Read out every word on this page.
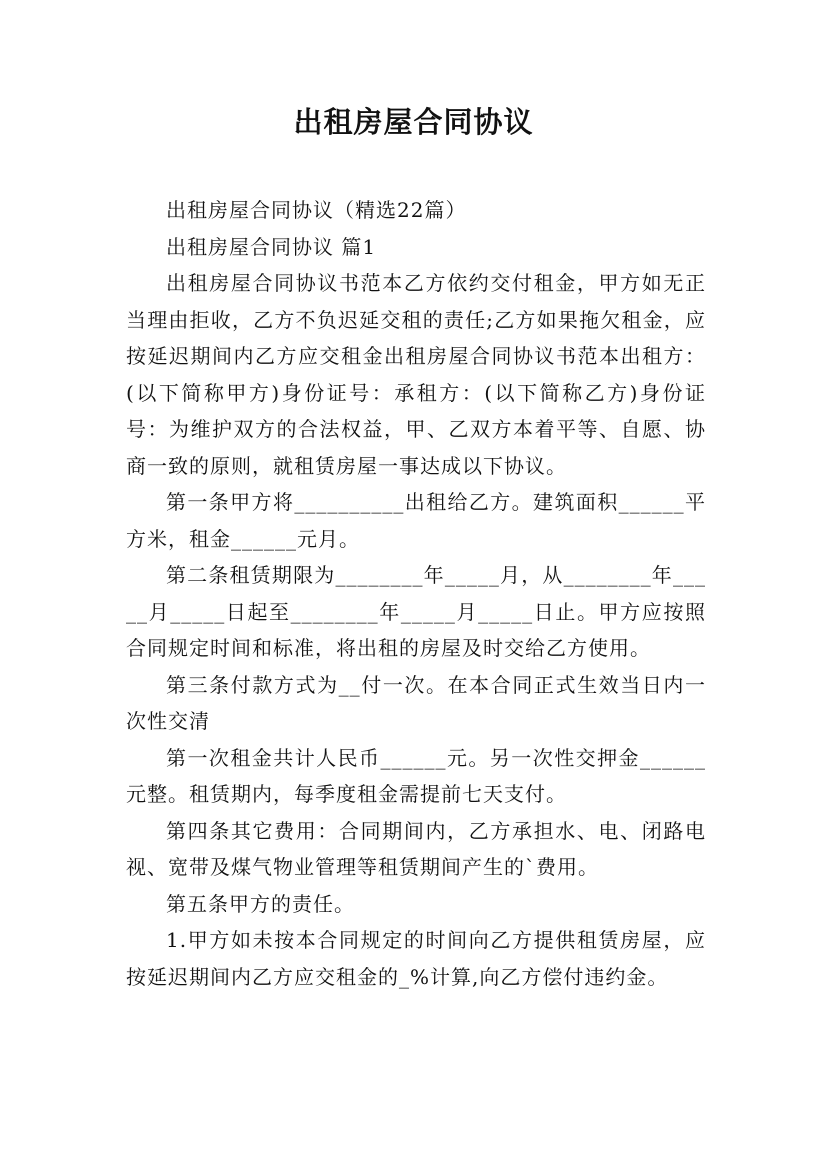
出租房屋合同协议

出租房屋合同协议（精选22篇）

出租房屋合同协议 篇1

出租房屋合同协议书范本乙方依约交付租金，甲方如无正当理由拒收，乙方不负迟延交租的责任;乙方如果拖欠租金，应按延迟期间内乙方应交租金出租房屋合同协议书范本出租方：(以下简称甲方)身份证号：承租方：(以下简称乙方)身份证号：为维护双方的合法权益，甲、乙双方本着平等、自愿、协商一致的原则，就租赁房屋一事达成以下协议。

第一条甲方将__________出租给乙方。建筑面积______平方米，租金______元月。

第二条租赁期限为________年_____月，从________年_____月_____日起至________年_____月_____日止。甲方应按照合同规定时间和标准，将出租的房屋及时交给乙方使用。

第三条付款方式为__付一次。在本合同正式生效当日内一次性交清

第一次租金共计人民币______元。另一次性交押金______元整。租赁期内，每季度租金需提前七天支付。

第四条其它费用：合同期间内，乙方承担水、电、闭路电视、宽带及煤气物业管理等租赁期间产生的`费用。

第五条甲方的责任。

1.甲方如未按本合同规定的时间向乙方提供租赁房屋，应按延迟期间内乙方应交租金的_%计算,向乙方偿付违约金。
